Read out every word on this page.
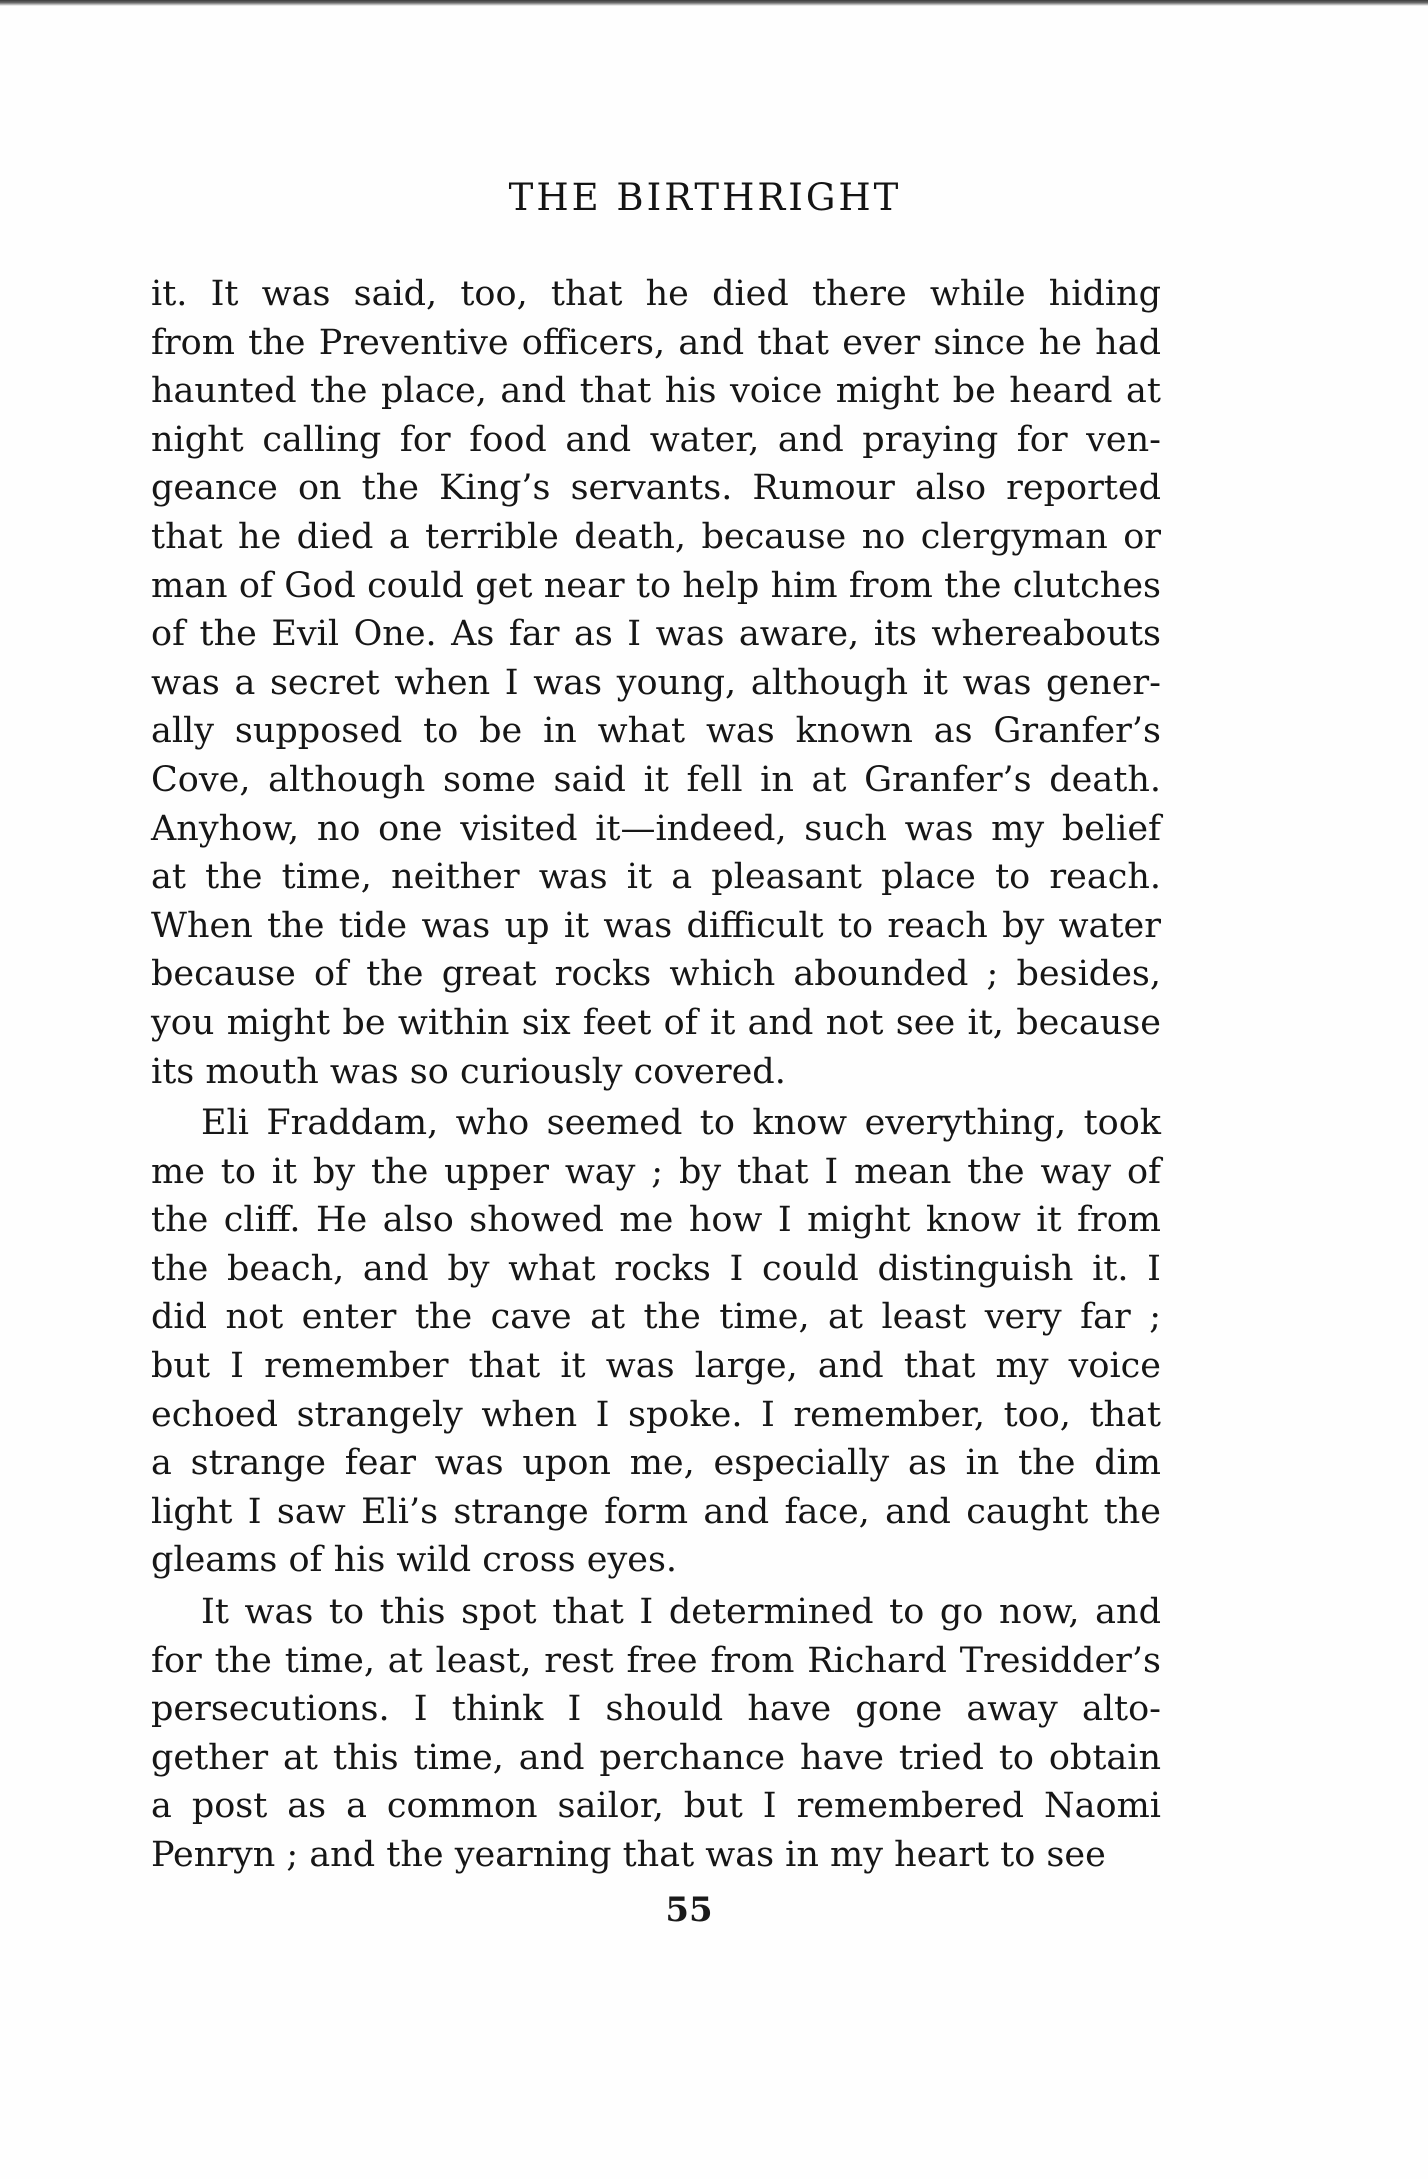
THE BIRTHRIGHT
it. It was said, too, that he died there while hiding
from the Preventive officers, and that ever since he had
haunted the place, and that his voice might be heard at
night calling for food and water, and praying for ven-
geance on the King’s servants. Rumour also reported
that he died a terrible death, because no clergyman or
man of God could get near to help him from the clutches
of the Evil One. As far as I was aware, its whereabouts
was a secret when I was young, although it was gener-
ally supposed to be in what was known as Granfer’s
Cove, although some said it fell in at Granfer’s death.
Anyhow, no one visited it—indeed, such was my belief
at the time, neither was it a pleasant place to reach.
When the tide was up it was difficult to reach by water
because of the great rocks which abounded ; besides,
you might be within six feet of it and not see it, because
its mouth was so curiously covered.
Eli Fraddam, who seemed to know everything, took
me to it by the upper way ; by that I mean the way of
the cliff. He also showed me how I might know it from
the beach, and by what rocks I could distinguish it. I
did not enter the cave at the time, at least very far ;
but I remember that it was large, and that my voice
echoed strangely when I spoke. I remember, too, that
a strange fear was upon me, especially as in the dim
light I saw Eli’s strange form and face, and caught the
gleams of his wild cross eyes.
It was to this spot that I determined to go now, and
for the time, at least, rest free from Richard Tresidder’s
persecutions. I think I should have gone away alto-
gether at this time, and perchance have tried to obtain
a post as a common sailor, but I remembered Naomi
Penryn ; and the yearning that was in my heart to see
55
